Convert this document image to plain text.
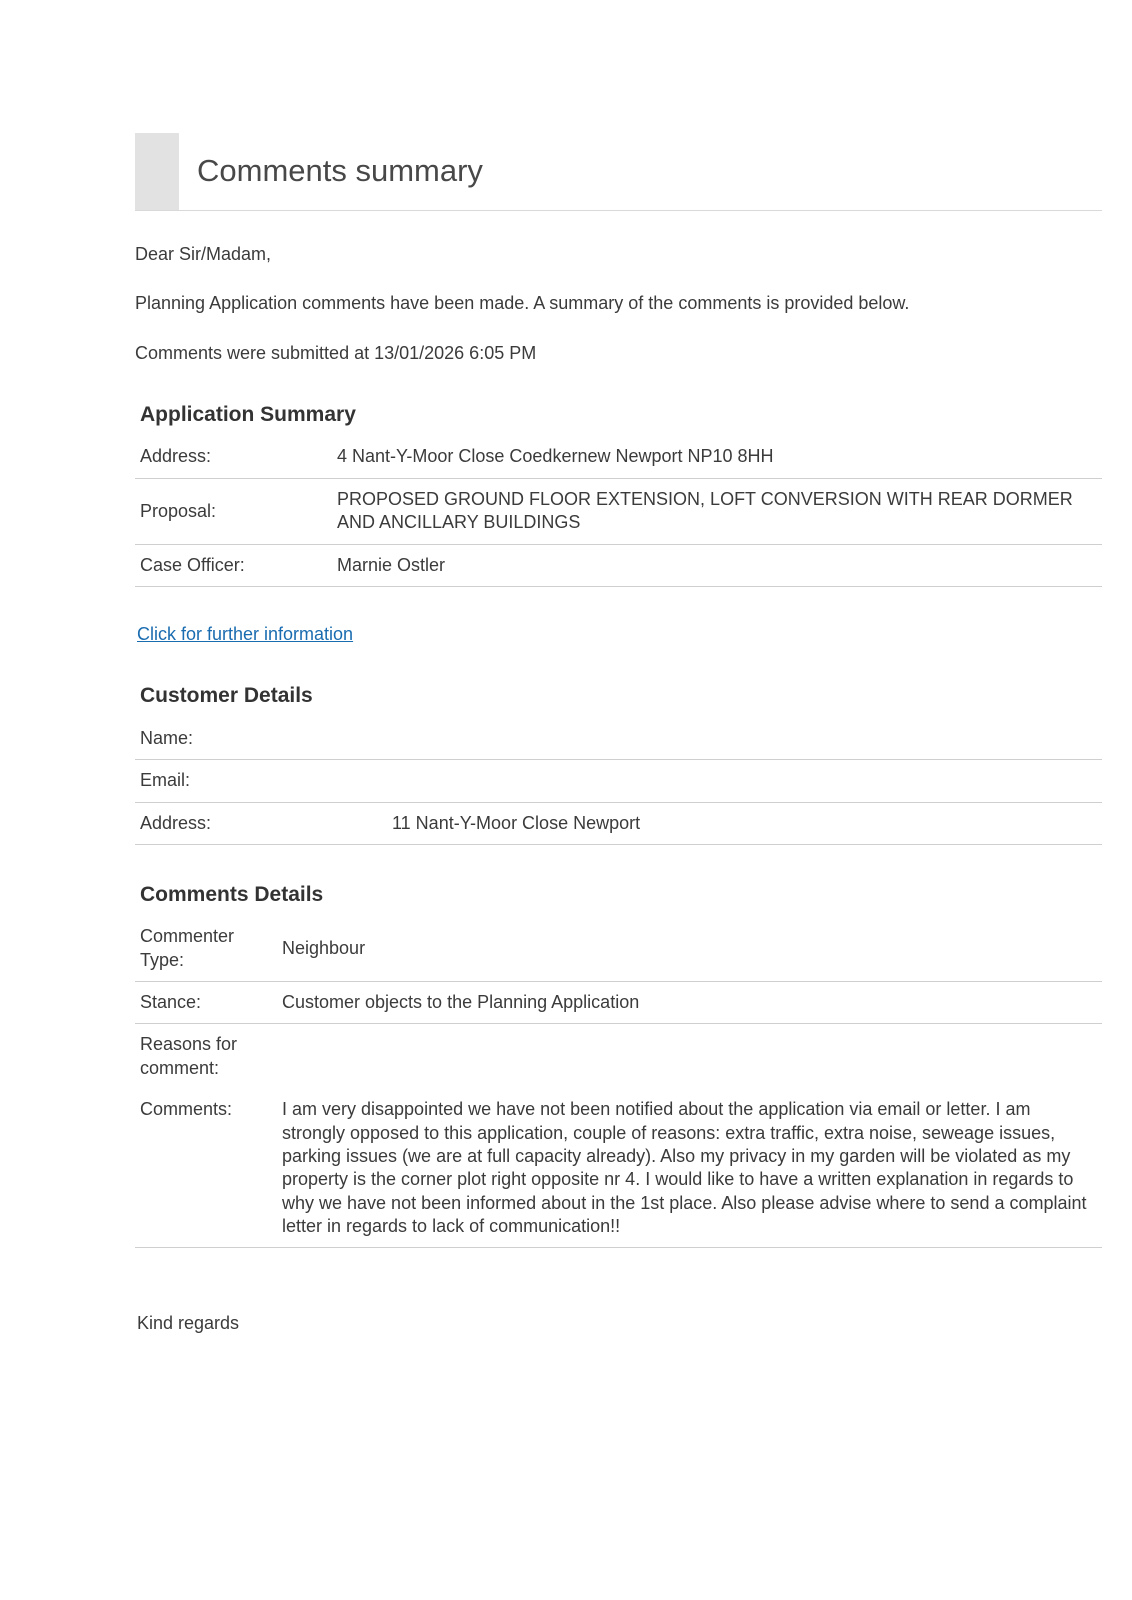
Comments summary
Dear Sir/Madam,
Planning Application comments have been made. A summary of the comments is provided below.
Comments were submitted at 13/01/2026 6:05 PM
Application Summary
Address:	4 Nant-Y-Moor Close Coedkernew Newport NP10 8HH
Proposal:
PROPOSED GROUND FLOOR EXTENSION, LOFT CONVERSION WITH REAR DORMER AND ANCILLARY BUILDINGS
Case Officer:	Marnie Ostler
Click for further information
Customer Details
Name:
Email:
Address:	11 Nant-Y-Moor Close Newport
Comments Details
Commenter Type:
Neighbour
Stance:	Customer objects to the Planning Application
Reasons for comment:
Comments:	I am very disappointed we have not been notified about the application via email or letter. I am strongly opposed to this application, couple of reasons: extra traffic, extra noise, seweage issues, parking issues (we are at full capacity already). Also my privacy in my garden will be violated as my property is the corner plot right opposite nr 4. I would like to have a written explanation in regards to why we have not been informed about in the 1st place. Also please advise where to send a complaint letter in regards to lack of communication!!
Kind regards
